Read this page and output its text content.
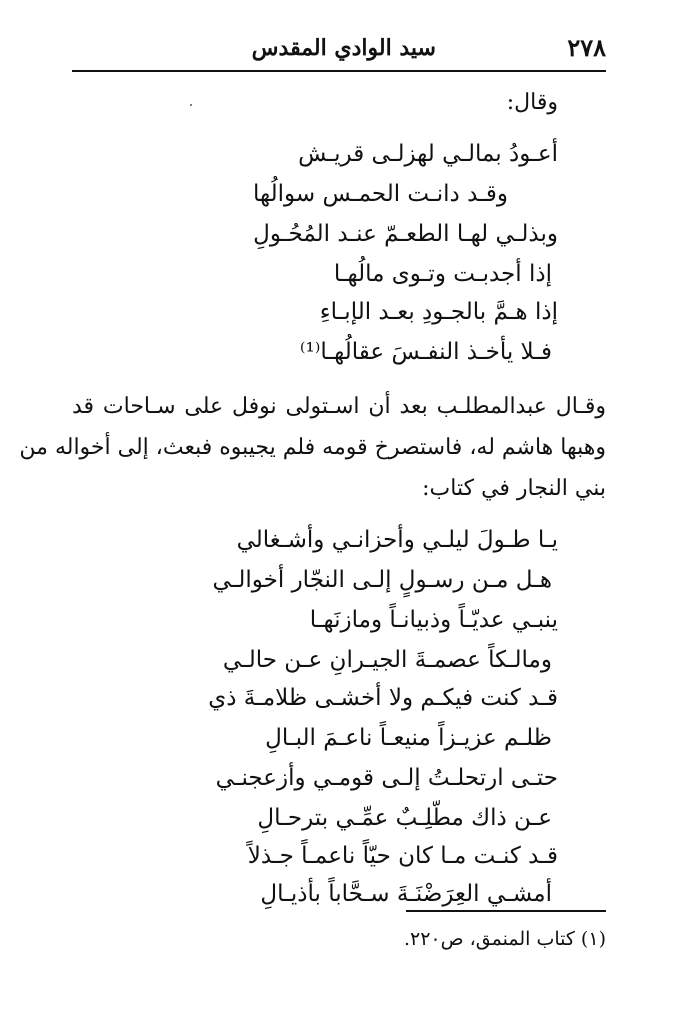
٢٧٨
سيد الوادي المقدس
وقال:
أعـودُ بمالـي لهزلـى قريـش
وقـد دانـت الحمـس سوالُها
وبذلـي لهـا الطعـمّ عنـد المُحُـولِ
إذا أجدبـت وتـوى مالُهـا
إذا هـمَّ بالجـودِ بعـد الإبـاءِ
فـلا يأخـذ النفـسَ عقالُهـا⁽¹⁾
وقـال عبدالمطلـب بعد أن اسـتولى نوفل على سـاحات قد
وهبها هاشم له، فاستصرخ قومه فلم يجيبوه فبعث، إلى أخواله من
بني النجار في كتاب:
يـا طـولَ ليلـي وأحزانـي وأشـغالي
هـل مـن رسـولٍ إلـى النجّار أخوالـي
ينبـي عديّـاً وذبيانـاً ومازنَهـا
ومالـكاً عصمـةَ الجيـرانِ عـن حالـي
قـد كنت فيكـم ولا أخشـى ظلامـةَ ذي
ظلـم عزيـزاً منيعـاً ناعـمَ البـالِ
حتـى ارتحلـتُ إلـى قومـي وأزعجنـي
عـن ذاك مطّلِـبٌ عمِّـي بترحـالِ
قـد كنـت مـا كان حيّاً ناعمـاً جـذلاً
أمشـي العِرَضْنَـةَ سـحَّاباً بأذيـالِ
(١) كتاب المنمق، ص٢٢٠.
